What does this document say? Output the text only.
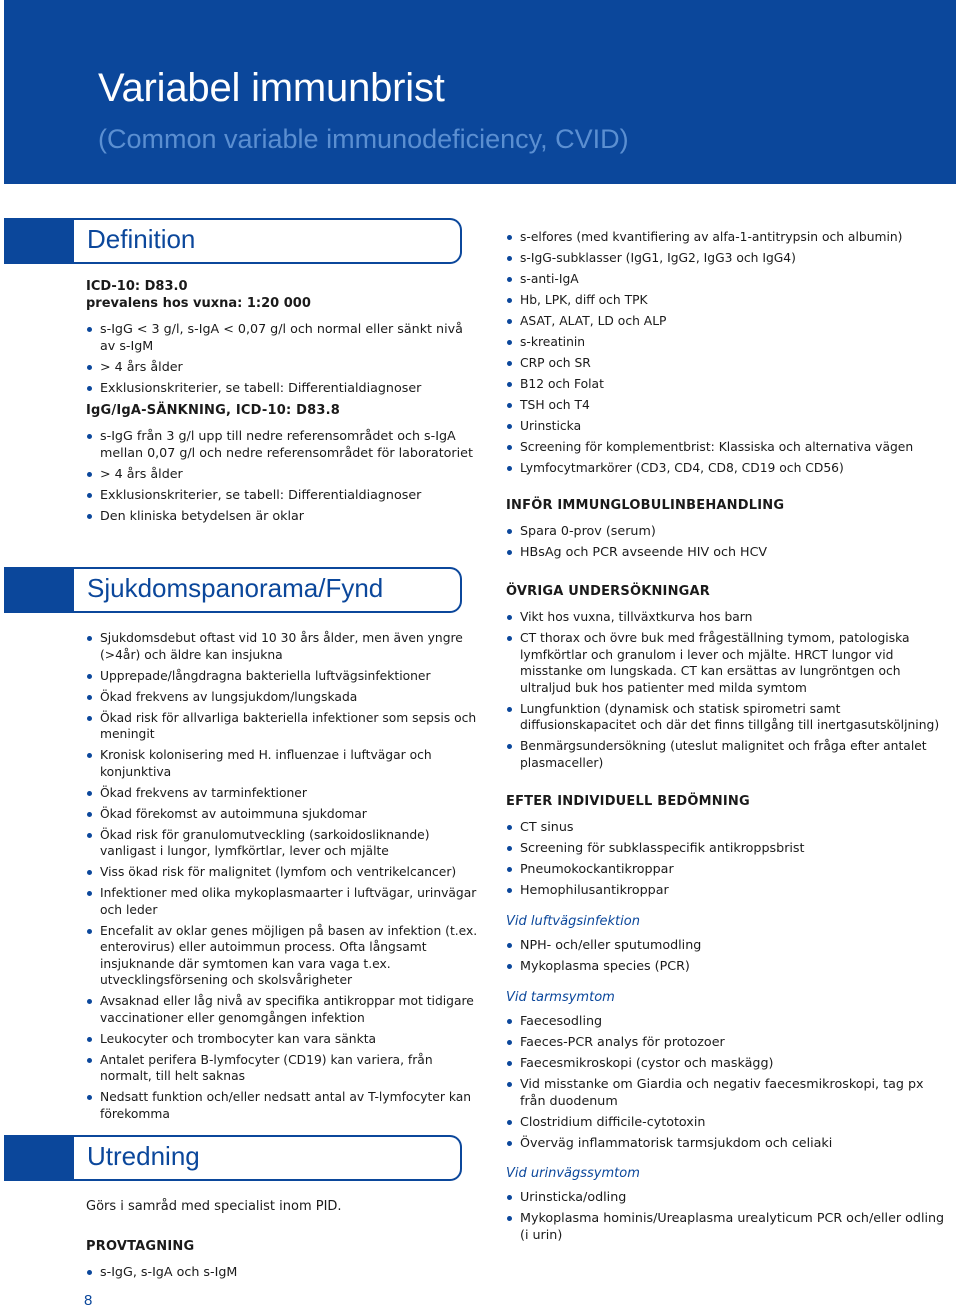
Variabel immunbrist
(Common variable immunodeficiency, CVID)
Definition
ICD-10: D83.0
prevalens hos vuxna: 1:20 000
s-IgG < 3 g/l, s-IgA < 0,07 g/l och normal eller sänkt nivå av s-IgM
> 4 års ålder
Exklusionskriterier, se tabell: Differentialdiagnoser
IgG/IgA-SÄNKNING, ICD-10: D83.8
s-IgG från 3 g/l upp till nedre referensområdet och s-IgA mellan 0,07 g/l och nedre referensområdet för laboratoriet
> 4 års ålder
Exklusionskriterier, se tabell: Differentialdiagnoser
Den kliniska betydelsen är oklar
Sjukdomspanorama/Fynd
Sjukdomsdebut oftast vid 10 30 års ålder, men även yngre (>4år) och äldre kan insjukna
Upprepade/långdragna bakteriella luftvägsinfektioner
Ökad frekvens av lungsjukdom/lungskada
Ökad risk för allvarliga bakteriella infektioner som sepsis och meningit
Kronisk kolonisering med H. influenzae i luftvägar och konjunktiva
Ökad frekvens av tarminfektioner
Ökad förekomst av autoimmuna sjukdomar
Ökad risk för granulomutveckling (sarkoidosliknande) vanligast i lungor, lymfkörtlar, lever och mjälte
Viss ökad risk för malignitet (lymfom och ventrikelcancer)
Infektioner med olika mykoplasmaarter i luftvägar, urinvägar och leder
Encefalit av oklar genes möjligen på basen av infektion (t.ex. enterovirus) eller autoimmun process. Ofta långsamt insjuknande där symtomen kan vara vaga t.ex. utvecklingsförsening och skolsvårigheter
Avsaknad eller låg nivå av specifika antikroppar mot tidigare vaccinationer eller genomgången infektion
Leukocyter och trombocyter kan vara sänkta
Antalet perifera B-lymfocyter (CD19) kan variera, från normalt, till helt saknas
Nedsatt funktion och/eller nedsatt antal av T-lymfocyter kan förekomma
Utredning
Görs i samråd med specialist inom PID.
PROVTAGNING
s-IgG, s-IgA och s-IgM
8
s-elfores (med kvantifiering av alfa-1-antitrypsin och albumin)
s-IgG-subklasser (IgG1, IgG2, IgG3 och IgG4)
s-anti-IgA
Hb, LPK, diff och TPK
ASAT, ALAT, LD och ALP
s-kreatinin
CRP och SR
B12 och Folat
TSH och T4
Urinsticka
Screening för komplementbrist: Klassiska och alternativa vägen
Lymfocytmarkörer (CD3, CD4, CD8, CD19 och CD56)
INFÖR IMMUNGLOBULINBEHANDLING
Spara 0-prov (serum)
HBsAg och PCR avseende HIV och HCV
ÖVRIGA UNDERSÖKNINGAR
Vikt hos vuxna, tillväxtkurva hos barn
CT thorax och övre buk med frågeställning tymom, patologiska lymfkörtlar och granulom i lever och mjälte. HRCT lungor vid misstanke om lungskada. CT kan ersättas av lungröntgen och ultraljud buk hos patienter med milda symtom
Lungfunktion (dynamisk och statisk spirometri samt diffusionskapacitet och där det finns tillgång till inertgasutsköljning)
Benmärgsundersökning (uteslut malignitet och fråga efter antalet plasmaceller)
EFTER INDIVIDUELL BEDÖMNING
CT sinus
Screening för subklasspecifik antikroppsbrist
Pneumokockantikroppar
Hemophilusantikroppar
Vid luftvägsinfektion
NPH- och/eller sputumodling
Mykoplasma species (PCR)
Vid tarmsymtom
Faecesodling
Faeces-PCR analys för protozoer
Faecesmikroskopi (cystor och maskägg)
Vid misstanke om Giardia och negativ faecesmikroskopi, tag px från duodenum
Clostridium difficile-cytotoxin
Överväg inflammatorisk tarmsjukdom och celiaki
Vid urinvägssymtom
Urinsticka/odling
Mykoplasma hominis/Ureaplasma urealyticum PCR och/eller odling (i urin)
